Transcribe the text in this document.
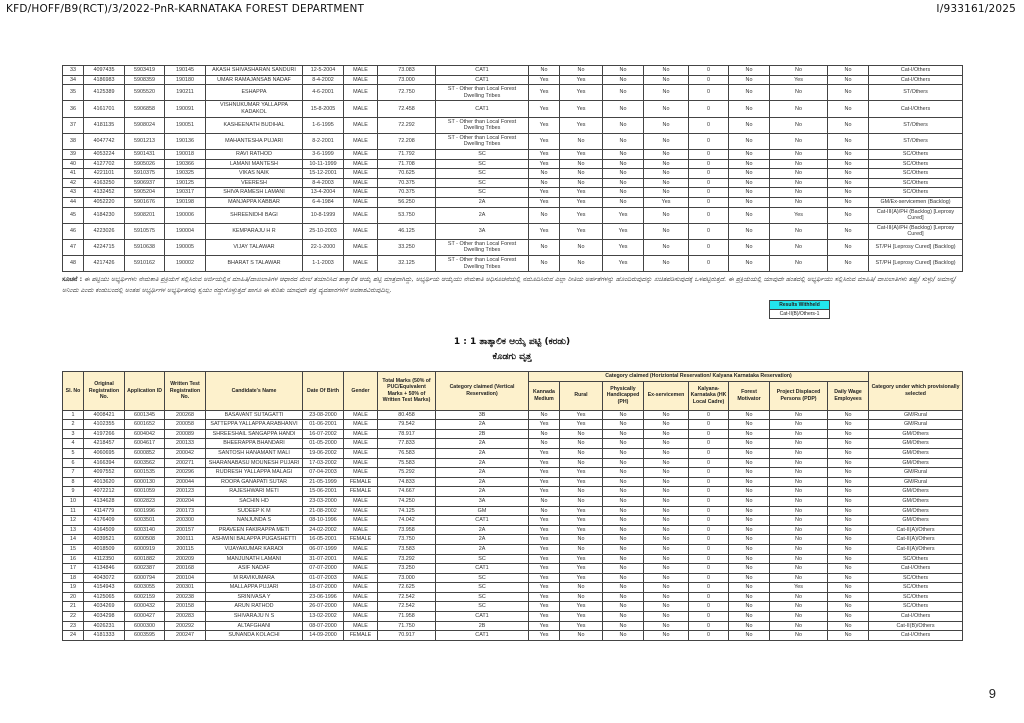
KFD/HOFF/B9(RCT)/3/2022-PnR-KARNATAKA FOREST DEPARTMENT	I/933161/2025
33	4097435	5903419	190145	AKASH SHIVASHARAN SANDURI	12-5-2004	MALE	73.083	CAT1	No	No	No	No	0	No	No	No	Cat-I/Others
34	4186983	5908359	190180	UMAR RAMAJANSAB NADAF	8-4-2002	MALE	73.000	CAT1	Yes	Yes	No	No	0	No	Yes	No	Cat-I/Others
35	4125389	5905520	190211	ESHAPPA	4-6-2001	MALE	72.750	ST - Other than Local Forest Dwelling Tribes	Yes	Yes	No	No	0	No	No	No	ST/Others
36	4161701	5906858	190091	VISHNUKUMAR YALLAPPA KADAKOL	15-8-2005	MALE	72.458	CAT1	Yes	Yes	No	No	0	No	No	No	Cat-I/Others
37	4181135	5908024	190051	KASHEENATH BUDIHAL	1-6-1995	MALE	72.292	ST - Other than Local Forest Dwelling Tribes	Yes	Yes	No	No	0	No	No	No	ST/Others
38	4047742	5901213	190136	MAHANTESHA PUJARI	8-2-2001	MALE	72.208	ST - Other than Local Forest Dwelling Tribes	Yes	No	No	No	0	No	No	No	ST/Others
39	4053224	5901431	190018	RAVI RATHOD	3-6-1999	MALE	71.792	SC	Yes	Yes	No	No	0	No	No	No	SC/Others
40	4127702	5905026	190366	LAMANI MANTESH	10-11-1999	MALE	71.708	SC	Yes	No	No	No	0	No	No	No	SC/Others
41	4221101	5910375	190325	VIKAS NAIK	15-12-2001	MALE	70.625	SC	No	No	No	No	0	No	No	No	SC/Others
42	4163250	5906937	190125	VEERESH	8-4-2003	MALE	70.375	SC	No	No	No	No	0	No	No	No	SC/Others
43	4132452	5905204	190317	SHIVA RAMESH LAMANI	13-4-2004	MALE	70.375	SC	Yes	Yes	No	No	0	No	No	No	SC/Others
44	4052220	5901676	190198	MANJAPPA KABBAR	6-4-1984	MALE	56.250	2A	Yes	Yes	No	Yes	0	No	No	No	GM/Ex-servicemen (Backlog)
45	4184230	5908201	190006	SHREENIDHI BAGI	10-8-1999	MALE	53.750	2A	No	Yes	Yes	No	0	No	Yes	No	Cat-III(A)/PH (Backlog) [Leprosy Cured]
46	4223026	5910575	190004	KEMPARAJU H R	25-10-2003	MALE	46.125	3A	Yes	Yes	Yes	No	0	No	No	No	Cat-III(A)/PH (Backlog) [Leprosy Cured]
47	4224715	5910638	190005	VIJAY TALAWAR	22-1-2000	MALE	33.250	ST - Other than Local Forest Dwelling Tribes	No	No	Yes	No	0	No	No	No	ST/PH [Leprosy Cured] (Backlog)
48	4217426	5910162	190002	BHARAT S TALAWAR	1-1-2003	MALE	32.125	ST - Other than Local Forest Dwelling Tribes	No	No	Yes	No	0	No	No	No	ST/PH [Leprosy Cured] (Backlog)
ಸೂಚನೆ : ಈ ಪಟ್ಟಿಯು ಅಭ್ಯರ್ಥಿಗಳು ನೇಮಕಾತಿ ಪ್ರಕ್ರಿಯೆಗೆ ಸಲ್ಲಿಸಿರುವ ಅರ್ಜಿಯಲ್ಲಿನ ಮಾಹಿತಿ/ದಾಖಲಾತಿಗಳ ಆಧಾರದ ಮೇಲೆ ತಯಾರಿಸಿದ ತಾತ್ಕಾಲಿಕ ಆಯ್ಕೆ ಪಟ್ಟಿ ಮಾತ್ರವಾಗಿದ್ದು, ಅಭ್ಯರ್ಥಿಯ ಆಯ್ಕೆಯು ನೇಮಕಾತಿ ಅಧಿಸೂಚನೆಯಲ್ಲಿ ನಮೂದಿಸಿರುವ ಎಲ್ಲಾ ರೀತಿಯ ಅರ್ಹತೆಗಳನ್ನು ಹೊಂದಿರುವುದನ್ನು ಖಚಿತಪಡಿಸುವುದಕ್ಕೆ ಒಳಪಟ್ಟಿರುತ್ತದೆ. ಈ ಪ್ರಕ್ರಿಯೆಯಲ್ಲಿ ಯಾವುದೇ ಹಂತದಲ್ಲಿ ಅಭ್ಯರ್ಥಿಯು ಸಲ್ಲಿಸಿರುವ ಮಾಹಿತಿ/ ದಾಖಲಾತಿಗಳು ತಪ್ಪು/ ಸುಳ್ಳು/ ಅಮಾನ್ಯ/ ಅನಿಂದು ಎಂದು ಕಂಡುಬಂದಲ್ಲಿ ಅಂತಹ ಅಭ್ಯರ್ಥಿಗಳ ಅಭ್ಯರ್ಥಿತನವು ಸ್ವಯಂ ರದ್ದುಗೊಳ್ಳುತ್ತದೆ ಹಾಗೂ ಈ ಕುರಿತು ಯಾವುದೇ ಪತ್ರ ವ್ಯವಹಾರಗಳಿಗೆ ಅವಕಾಶವಿರುವುದಿಲ್ಲ.
Results Withheld
Cat-II(B)/Others-1
1 : 1 ತಾತ್ಕಾಲಿಕ ಆಯ್ಕೆ ಪಟ್ಟಿ (ಕರಡು)
ಕೊಡಗು ವೃತ್ತ
Sl. No	Original Registration No.	Application ID	Written Test Registration No.	Candidate's Name	Date Of Birth	Gender	Total Marks (50% of PUC/Equivalent Marks + 50% of Written Test Marks)	Category claimed (Vertical Reservation)	Category claimed (Horiziontal Reservation/ Kalyana Karnataka Reservation)								Category under which provisionally selected
									Kannada Medium	Rural	Physically Handicapped (PH)	Ex-servicemen	Kalyana-Karnataka (HK Local Cadre)	Forest Motivator	Project Displaced Persons (PDP)	Daily Wage Employees	
1	4008421	6001345	200268	BASAVANT SUTAGATTI	23-08-2000	MALE	80.458	3B	No	Yes	No	No	0	No	No	No	GM/Rural
2	4102355	6001652	200058	SATTEPPA YALLAPPA ARABHANVI	01-06-2001	MALE	79.542	2A	Yes	Yes	No	No	0	No	No	No	GM/Rural
3	4197266	6004042	200089	SHREESHAIL SANGAPPA HANDI	16-07-2002	MALE	78.917	2B	No	No	No	No	0	No	No	No	GM/Others
4	4218457	6004617	200133	BHEERAPPA BHANDARI	01-05-2000	MALE	77.833	2A	No	No	No	No	0	No	No	No	GM/Others
5	4060695	6000852	200042	SANTOSH HANAMANT MALI	19-06-2002	MALE	76.583	2A	Yes	No	No	No	0	No	No	No	GM/Others
6	4166394	6003562	200271	SHARANABASU MOUNESH PUJARI	17-03-2002	MALE	75.583	2A	Yes	No	No	No	0	No	No	No	GM/Others
7	4097552	6001535	200296	RUDRESH YALLAPPA MALAGI	07-04-2003	MALE	75.292	2A	Yes	Yes	No	No	0	No	No	No	GM/Rural
8	4013620	6000130	200044	ROOPA GANAPATI SUTAR	21-05-1999	FEMALE	74.833	2A	Yes	Yes	No	No	0	No	No	No	GM/Rural
9	4072212	6001059	200123	RAJESHWARI METI	15-06-2001	FEMALE	74.667	2A	Yes	No	No	No	0	No	No	No	GM/Others
10	4134628	6002823	200204	SACHIN HD	23-03-2000	MALE	74.250	3A	No	No	No	No	0	No	No	No	GM/Others
11	4114779	6001996	200173	SUDEEP K M	21-08-2002	MALE	74.125	GM	No	Yes	No	No	0	No	No	No	GM/Others
12	4176409	6003501	200300	NANJUNDA S	08-10-1996	MALE	74.042	CAT1	Yes	Yes	No	No	0	No	No	No	GM/Others
13	4164509	6003140	200157	PRAVEEN FAKIRAPPA METI	24-02-2002	MALE	73.958	2A	Yes	Yes	No	No	0	No	No	No	Cat-II(A)/Others
14	4039521	6000508	200111	ASHWINI BALAPPA PUGASHETTI	16-05-2001	FEMALE	73.750	2A	Yes	No	No	No	0	No	No	No	Cat-II(A)/Others
15	4018509	6000919	200115	VIJAYAKUMAR KARADI	06-07-1999	MALE	73.583	2A	Yes	No	No	No	0	No	No	No	Cat-II(A)/Others
16	4112350	6001882	200209	MANJUNATH LAMANI	31-07-2001	MALE	73.292	SC	Yes	Yes	No	No	0	No	No	No	SC/Others
17	4134846	6002387	200168	ASIF NADAF	07-07-2000	MALE	73.250	CAT1	Yes	Yes	No	No	0	No	No	No	Cat-I/Others
18	4043072	6000794	200104	M RAVIKUMARA	01-07-2003	MALE	73.000	SC	Yes	Yes	No	No	0	No	No	No	SC/Others
19	4154943	6003055	200301	MALLAPPA PUJARI	18-07-2000	MALE	72.625	SC	Yes	No	No	No	0	No	Yes	No	SC/Others
20	4125065	6002159	200238	SRINIVASA Y	23-06-1996	MALE	72.542	SC	Yes	No	No	No	0	No	No	No	SC/Others
21	4034269	6000432	200158	ARUN RATHOD	26-07-2000	MALE	72.542	SC	Yes	Yes	No	No	0	No	No	No	SC/Others
22	4034298	6000427	200283	SHIVARAJU N S	13-02-2002	MALE	71.958	CAT1	Yes	Yes	No	No	0	No	No	No	Cat-I/Others
23	4026231	6000300	200292	ALTAFGHANI	08-07-2000	MALE	71.750	2B	Yes	Yes	No	No	0	No	No	No	Cat-II(B)/Others
24	4181333	6003595	200247	SUNANDA KOLACHI	14-09-2000	FEMALE	70.917	CAT1	Yes	No	No	No	0	No	No	No	Cat-I/Others
9
